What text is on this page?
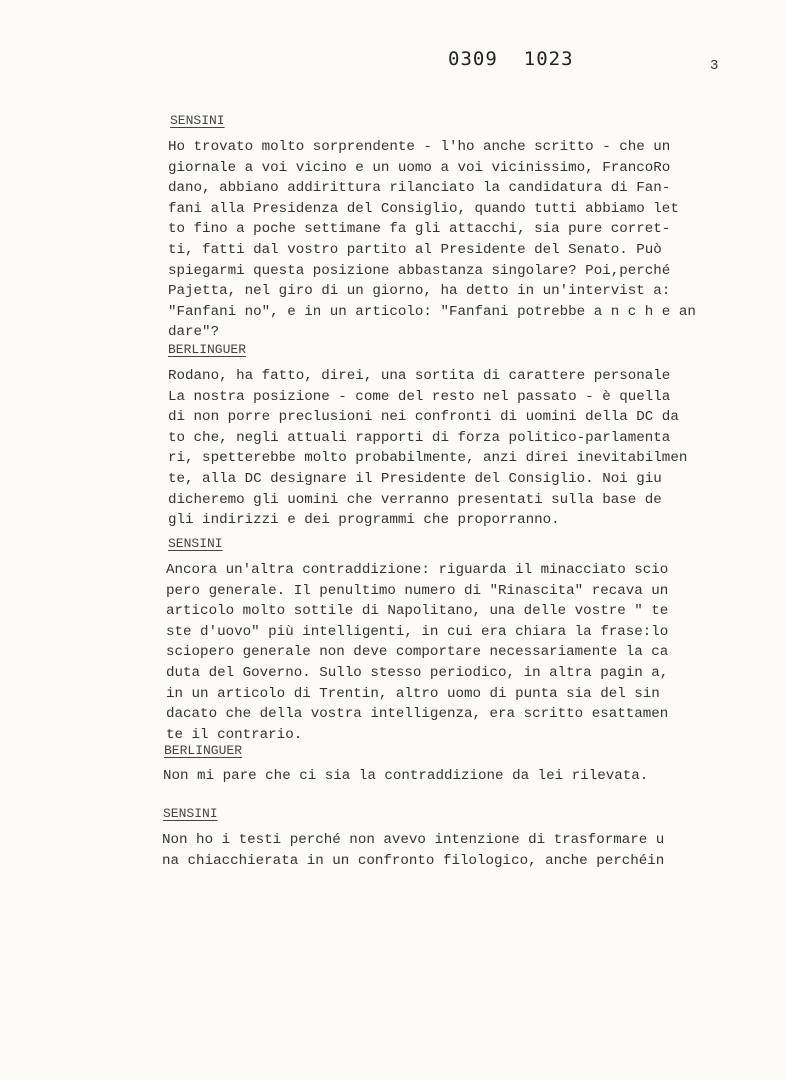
0309 1023	3
SENSINI
Ho trovato molto sorprendente - l'ho anche scritto - che un
giornale a voi vicino e un uomo a voi vicinissimo, FrancoRo
dano, abbiano addirittura rilanciato la candidatura di Fan-
fani alla Presidenza del Consiglio, quando tutti abbiamo let
to fino a poche settimane fa gli attacchi, sia pure corret-
ti, fatti dal vostro partito al Presidente del Senato. Può
spiegarmi questa posizione abbastanza singolare? Poi,perché
Pajetta, nel giro di un giorno, ha detto in un'intervist a:
"Fanfani no", e in un articolo: "Fanfani potrebbe a n c h e an
dare"?
BERLINGUER
Rodano, ha fatto, direi, una sortita di carattere personale
La nostra posizione - come del resto nel passato - è quella
di non porre preclusioni nei confronti di uomini della DC da
to che, negli attuali rapporti di forza politico-parlamenta
ri, spetterebbe molto probabilmente, anzi direi inevitabilmen
te, alla DC designare il Presidente del Consiglio. Noi giu
dicheremo gli uomini che verranno presentati sulla base de
gli indirizzi e dei programmi che proporranno.
SENSINI
Ancora un'altra contraddizione: riguarda il minacciato scio
pero generale. Il penultimo numero di "Rinascita" recava un
articolo molto sottile di Napolitano, una delle vostre " te
ste d'uovo" più intelligenti, in cui era chiara la frase:lo
sciopero generale non deve comportare necessariamente la ca
duta del Governo. Sullo stesso periodico, in altra pagin a,
in un articolo di Trentin, altro uomo di punta sia del sin
dacato che della vostra intelligenza, era scritto esattamen
te il contrario.
BERLINGUER
Non mi pare che ci sia la contraddizione da lei rilevata.
SENSINI
Non ho i testi perché non avevo intenzione di trasformare u
na chiacchierata in un confronto filologico, anche perchéin
